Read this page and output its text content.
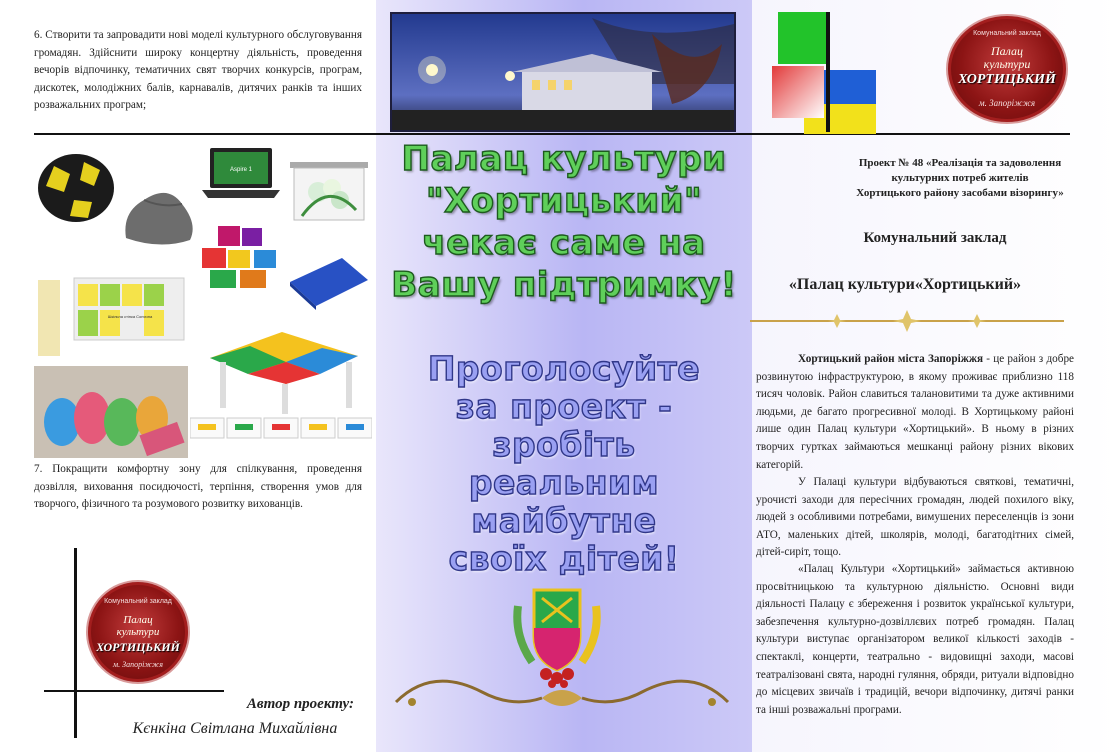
6. Створити та запровадити нові моделі культурного обслуговування громадян. Здійснити широку концертну діяльність, проведення вечорів відпочинку, тематичних свят творчих конкурсів, програм, дискотек, молодіжних балів, карнавалів, дитячих ранків та інших розважальних програм;

Aspire 1
Шкільна стінка Сонячна

7. Покращити комфортну зону для спілкування, проведення дозвілля, виховання посидючості, терпіння, створення умов для творчого, фізичного та розумового розвитку вихованців.

Комунальний заклад
Палац
культури
ХОРТИЦЬКИЙ
м. Запоріжжя

Автор проекту:

Кєнкіна Світлана Михайлівна

Палац культури
"Хортицький"
чекає саме на
Вашу підтримку!

Проголосуйте
за проект -
зробіть
реальним
майбутне
своїх дітей!

Комунальний заклад
Палац
культури
ХОРТИЦЬКИЙ
м. Запоріжжя

Проект № 48 «Реалізація та задоволення
культурних потреб жителів
Хортицького району засобами візорингу»

Комунальний заклад

«Палац культури«Хортицький»

Хортицький район міста Запоріжжя - це район з добре розвинутою інфраструктурою, в якому проживає приблизно 118 тисяч чоловік. Район славиться талановитими та дуже активними людьми, де багато прогресивної молоді. В Хортицькому районі лише один Палац культури «Хортицький». В ньому в різних творчих гуртках займаються мешканці району різних вікових категорій.

У Палаці культури відбуваються святкові, тематичні, урочисті заходи для пересічних громадян, людей похилого віку, людей з особливими потребами, вимушених переселенців із зони АТО, маленьких дітей, школярів, молоді, багатодітних сімей, дітей-сиріт, тощо.

«Палац Культури «Хортицький» займається активною просвітницькою та культурною діяльністю. Основні види діяльності Палацу є збереження і розвиток української культури, забезпечення культурно-дозвіллєвих потреб громадян. Палац культури виступає організатором великої кількості заходів - спектаклі, концерти, театрально - видовищні заходи, масові театралізовані свята, народні гуляння, обряди, ритуали відповідно до місцевих звичаїв і традицій, вечори відпочинку, дитячі ранки та інші розважальні програми.
